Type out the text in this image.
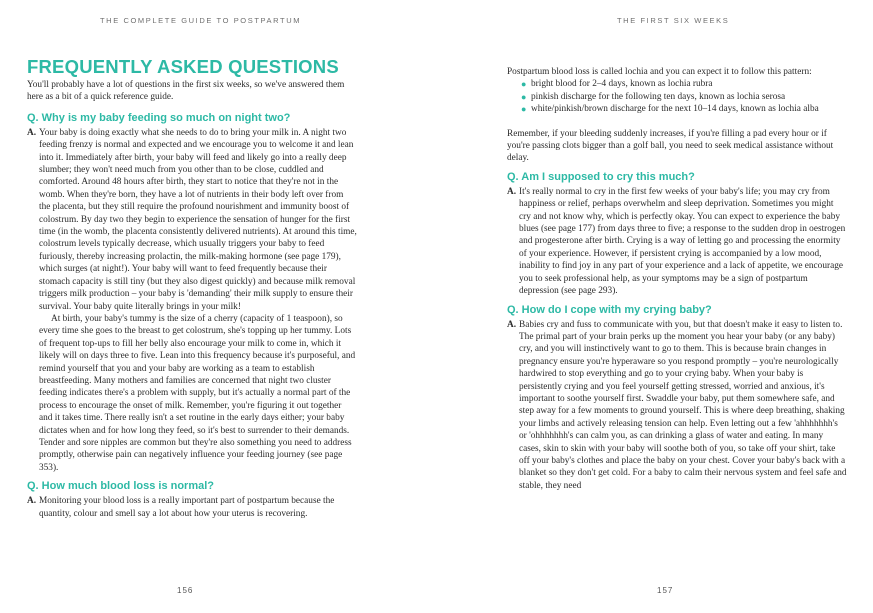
THE COMPLETE GUIDE TO POSTPARTUM
FREQUENTLY ASKED QUESTIONS

You'll probably have a lot of questions in the first six weeks, so we've answered them here as a bit of a quick reference guide.

Q. Why is my baby feeding so much on night two?
A. Your baby is doing exactly what she needs to do to bring your milk in. A night two feeding frenzy is normal and expected and we encourage you to welcome it and lean into it. Immediately after birth, your baby will feed and likely go into a really deep slumber; they won't need much from you other than to be close, cuddled and comforted. Around 48 hours after birth, they start to notice that they're not in the womb. When they're born, they have a lot of nutrients in their body left over from the placenta, but they still require the profound nourishment and immunity boost of colostrum. By day two they begin to experience the sensation of hunger for the first time (in the womb, the placenta consistently delivered nutrients). At around this time, colostrum levels typically decrease, which usually triggers your baby to feed furiously, thereby increasing prolactin, the milk-making hormone (see page 179), which surges (at night!). Your baby will want to feed frequently because their stomach capacity is still tiny (but they also digest quickly) and because milk removal triggers milk production – your baby is 'demanding' their milk supply to ensure their survival. Your baby quite literally brings in your milk!

At birth, your baby's tummy is the size of a cherry (capacity of 1 teaspoon), so every time she goes to the breast to get colostrum, she's topping up her tummy. Lots of frequent top-ups to fill her belly also encourage your milk to come in, which it likely will on days three to five. Lean into this frequency because it's purposeful, and remind yourself that you and your baby are working as a team to establish breastfeeding. Many mothers and families are concerned that night two cluster feeding indicates there's a problem with supply, but it's actually a normal part of the process to encourage the onset of milk. Remember, you're figuring it out together and it takes time. There really isn't a set routine in the early days either; your baby dictates when and for how long they feed, so it's best to surrender to their demands. Tender and sore nipples are common but they're also something you need to address promptly, otherwise pain can negatively influence your feeding journey (see page 353).

Q. How much blood loss is normal?
A. Monitoring your blood loss is a really important part of postpartum because the quantity, colour and smell say a lot about how your uterus is recovering.

156
THE FIRST SIX WEEKS

Postpartum blood loss is called lochia and you can expect it to follow this pattern:

● bright blood for 2–4 days, known as lochia rubra
● pinkish discharge for the following ten days, known as lochia serosa
● white/pinkish/brown discharge for the next 10–14 days, known as lochia alba

Remember, if your bleeding suddenly increases, if you're filling a pad every hour or if you're passing clots bigger than a golf ball, you need to seek medical assistance without delay.

Q. Am I supposed to cry this much?
A. It's really normal to cry in the first few weeks of your baby's life; you may cry from happiness or relief, perhaps overwhelm and sleep deprivation. Sometimes you might cry and not know why, which is perfectly okay. You can expect to experience the baby blues (see page 177) from days three to five; a response to the sudden drop in oestrogen and progesterone after birth. Crying is a way of letting go and processing the enormity of your experience. However, if persistent crying is accompanied by a low mood, inability to find joy in any part of your experience and a lack of appetite, we encourage you to seek professional help, as your symptoms may be a sign of postpartum depression (see page 293).

Q. How do I cope with my crying baby?
A. Babies cry and fuss to communicate with you, but that doesn't make it easy to listen to. The primal part of your brain perks up the moment you hear your baby (or any baby) cry, and you will instinctively want to go to them. This is because brain changes in pregnancy ensure you're hyperaware so you respond promptly – you're neurologically hardwired to stop everything and go to your crying baby. When your baby is persistently crying and you feel yourself getting stressed, worried and anxious, it's important to soothe yourself first. Swaddle your baby, put them somewhere safe, and step away for a few moments to ground yourself. This is where deep breathing, shaking your limbs and actively releasing tension can help. Even letting out a few 'ahhhhhhh's or 'ohhhhhhh's can calm you, as can drinking a glass of water and eating. In many cases, skin to skin with your baby will soothe both of you, so take off your shirt, take off your baby's clothes and place the baby on your chest. Cover your baby's back with a blanket so they don't get cold. For a baby to calm their nervous system and feel safe and stable, they need

157
